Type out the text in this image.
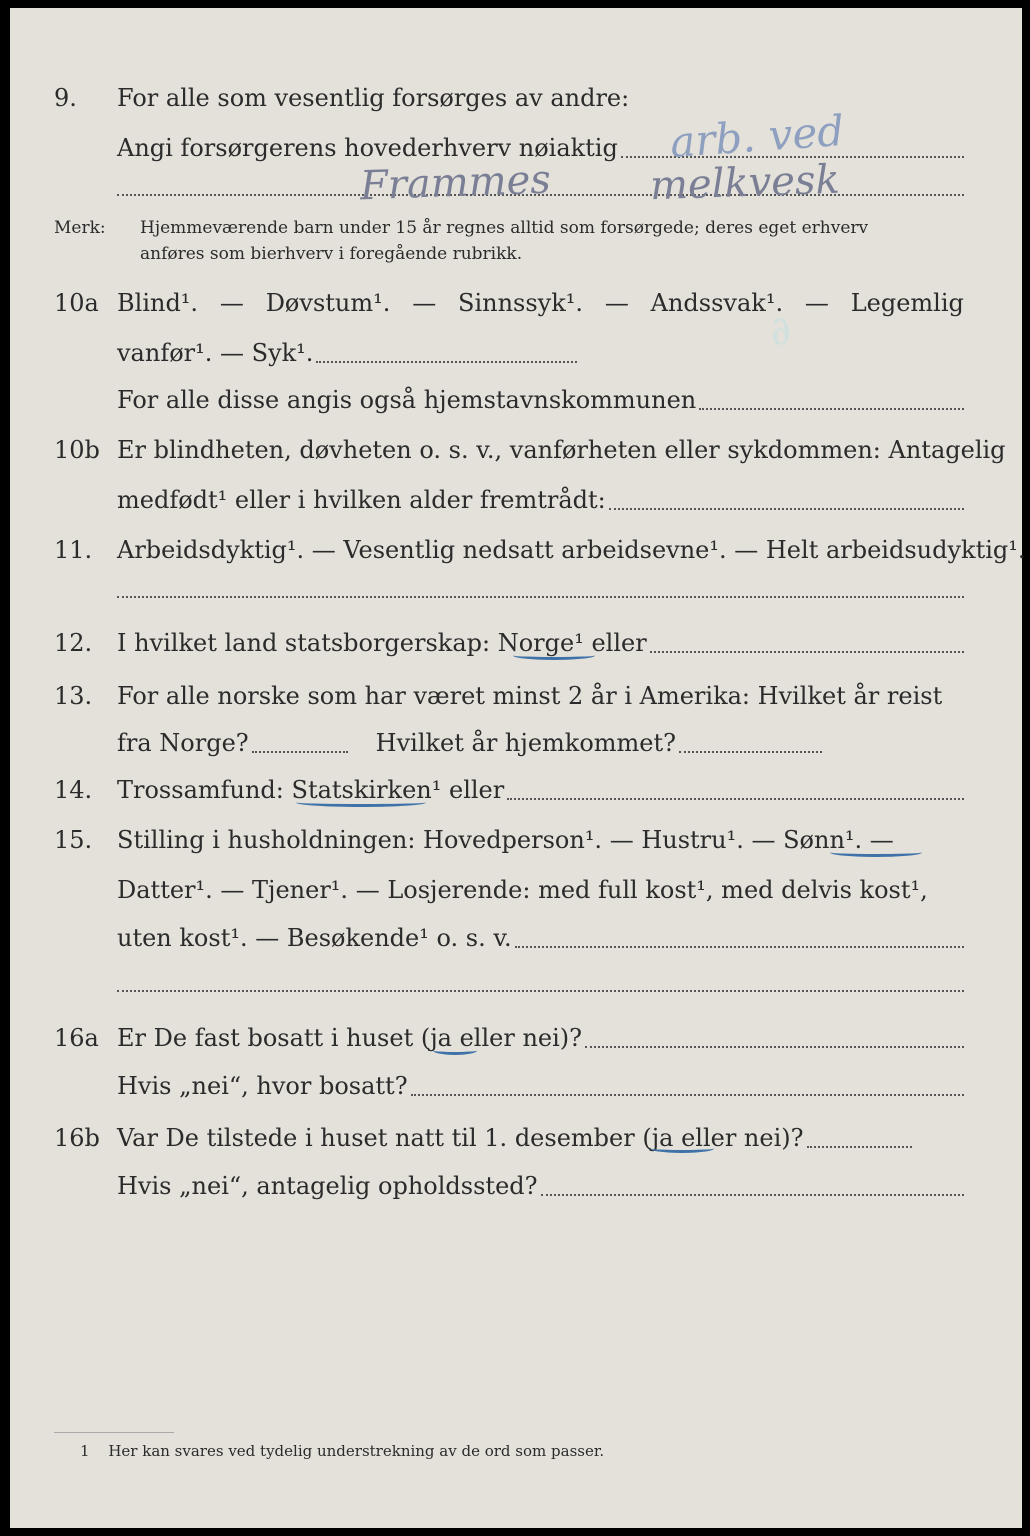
9. For alle som vesentlig forsørges av andre:
Angi forsørgerens hovederhverv nøiaktig arb. ved
Frammes melkvesk
Merk: Hjemmeværende barn under 15 år regnes alltid som forsørgede; deres eget erhverv
anføres som bierhverv i foregående rubrikk.
10a Blind¹. — Døvstum¹. — Sinnssyk¹. — Andssvak¹. — Legemlig
vanfør¹. — Syk¹.
For alle disse angis også hjemstavnskommunen
∂
10b Er blindheten, døvheten o. s. v., vanførheten eller sykdommen: Antagelig
medfødt¹ eller i hvilken alder fremtrådt:
11. Arbeidsdyktig¹. — Vesentlig nedsatt arbeidsevne¹. — Helt arbeidsudyktig¹.
12. I hvilket land statsborgerskap: Norge¹ eller
13. For alle norske som har været minst 2 år i Amerika: Hvilket år reist
fra Norge?	Hvilket år hjemkommet?
14. Trossamfund: Statskirken¹ eller
15. Stilling i husholdningen: Hovedperson¹. — Hustru¹. — Sønn¹. —
Datter¹. — Tjener¹. — Losjerende: med full kost¹, med delvis kost¹,
uten kost¹. — Besøkende¹ o. s. v.
16a Er De fast bosatt i huset (ja eller nei)?
Hvis „nei“, hvor bosatt?
16b Var De tilstede i huset natt til 1. desember (ja eller nei)?
Hvis „nei“, antagelig opholdssted?
1 Her kan svares ved tydelig understrekning av de ord som passer.
